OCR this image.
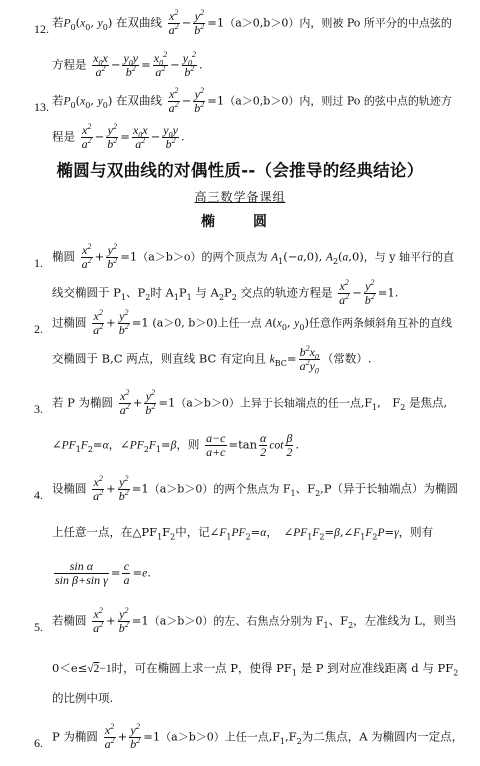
12. 若$P_0(x_0$, $y_0$) 在双曲线 $\frac{x^2}{a^2} - \frac{y^2}{b^2} =1(a>0,b>0)$内，则被 Po 所平分的中点弦的
方程是 $\frac{x_0x}{a^2} - \frac{y_0y}{b^2} = \frac{x_0^2}{a^2} - \frac{y_0^2}{b^2}$ .
13. 若$P_0(x_0$, $y_0$) 在双曲线 $\frac{x^2}{a^2} - \frac{y^2}{b^2} =1(a>0,b>0)$内，则过 Po 的弦中点的轨迹方
程是 $\frac{x^2}{a^2} - \frac{y^2}{b^2} = \frac{x_0x}{a^2} - \frac{y_0y}{b^2}$ .
椭圆与双曲线的对偶性质--（会推导的经典结论）
高三数学备课组
椭　圆
1. 椭圆 $\frac{x^2}{a^2} + \frac{y^2}{b^2} =1(a>b>o)$的两个顶点为 $A_1(-a,0)$, $A_2(a,0)$，与 y 轴平行的直
线交椭圆于 $P_1$、$P_2$时 $A_1P_1$ 与 $A_2P_2$ 交点的轨迹方程是 $\frac{x^2}{a^2} - \frac{y^2}{b^2} =1$.
2. 过椭圆 $\frac{x^2}{a^2} + \frac{y^2}{b^2} =1$ (a＞0, b＞0)上任一点 $A(x_0$, $y_0$)任意作两条倾斜角互补的直线
交椭圆于 B,C 两点，则直线 BC 有定向且 $k_{BC}= \frac{b^2x_0}{a^2y_0}$ （常数）.
3. 若 P 为椭圆 $\frac{x^2}{a^2} + \frac{y^2}{b^2} =1(a>b>0)$上异于长轴端点的任一点$,F_1$,　$F_2$ 是焦点,
$\angle PF_1F_2=\alpha$，$\angle PF_2F_1=\beta$，则 $\frac{a-c}{a+c} =\tan \frac{\alpha}{2}$ $\cot \frac{\beta}{2}$ .
4. 设椭圆 $\frac{x^2}{a^2} + \frac{y^2}{b^2} =1(a>b>0)$的两个焦点为 $F_1$、$F_2,P$（异于长轴端点）为椭圆
上任意一点，在$\triangle PF_1F_2$中，记$\angle F_1PF_2=\alpha$，　$\angle PF_1F_2=\beta,\angle F_1F_2P=\gamma$，则有
$\frac{\text{sin α}}{\text{sin β+sin γ}} = \frac{c}{a} =e$.
5. 若椭圆 $\frac{x^2}{a^2} + \frac{y^2}{b^2} =1(a>b>0)$的左、右焦点分别为 $F_1$、$F_2$，左准线为 L，则当
0＜e≤√2−1时，可在椭圆上求一点 P，使得 $PF_1$ 是 P 到对应准线距离 d 与 $PF_2$
的比例中项.
6. P 为椭圆 $\frac{x^2}{a^2} + \frac{y^2}{b^2} =1(a>b>0)$上任一点$,F_1,F_2$为二焦点，A 为椭圆内一定点，
